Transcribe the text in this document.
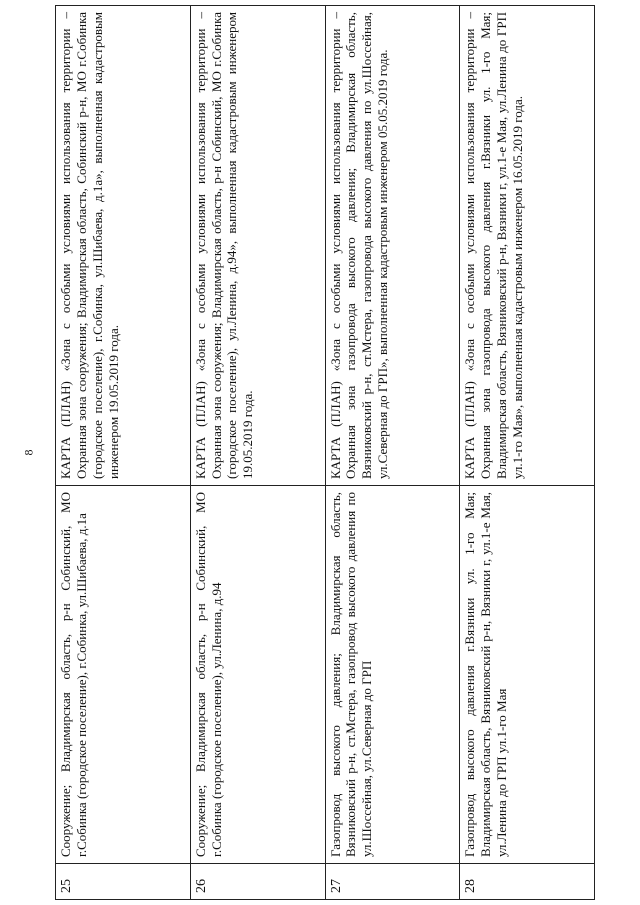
8
25	Сооружение; Владимирская область, р-н Собинский, МО г.Собинка (городское поселение), г.Собинка, ул.Шибаева, д.1а	КАРТА (ПЛАН) «Зона с особыми условиями использования территории – Охранная зона сооружения; Владимирская область, Собинский р-н, МО г.Собинка (городское поселение), г.Собинка, ул.Шибаева, д.1а», выполненная кадастровым инженером 19.05.2019 года.
26	Сооружение; Владимирская область, р-н Собинский, МО г.Собинка (городское поселение), ул.Ленина, д.94	КАРТА (ПЛАН) «Зона с особыми условиями использования территории – Охранная зона сооружения; Владимирская область, р-н Собинский, МО г.Собинка (городское поселение), ул.Ленина, д.94», выполненная кадастровым инженером 19.05.2019 года.
27	Газопровод высокого давления; Владимирская область, Вязниковский р-н, ст.Мстера, газопровод высокого давления по ул.Шоссейная, ул.Северная до ГРП	КАРТА (ПЛАН) «Зона с особыми условиями использования территории – Охранная зона газопровода высокого давления; Владимирская область, Вязниковский р-н, ст.Мстера, газопровода высокого давления по ул.Шоссейная, ул.Северная до ГРП», выполненная кадастровым инженером 05.05.2019 года.
28	Газопровод высокого давления г.Вязники ул. 1-го Мая; Владимирская область, Вязниковский р-н, Вязники г, ул.1-е Мая, ул.Ленина до ГРП ул.1-го Мая	КАРТА (ПЛАН) «Зона с особыми условиями использования территории – Охранная зона газопровода высокого давления г.Вязники ул. 1-го Мая; Владимирская область, Вязниковский р-н, Вязники г, ул.1-е Мая, ул.Ленина до ГРП ул.1-го Мая», выполненная кадастровым инженером 16.05.2019 года.
